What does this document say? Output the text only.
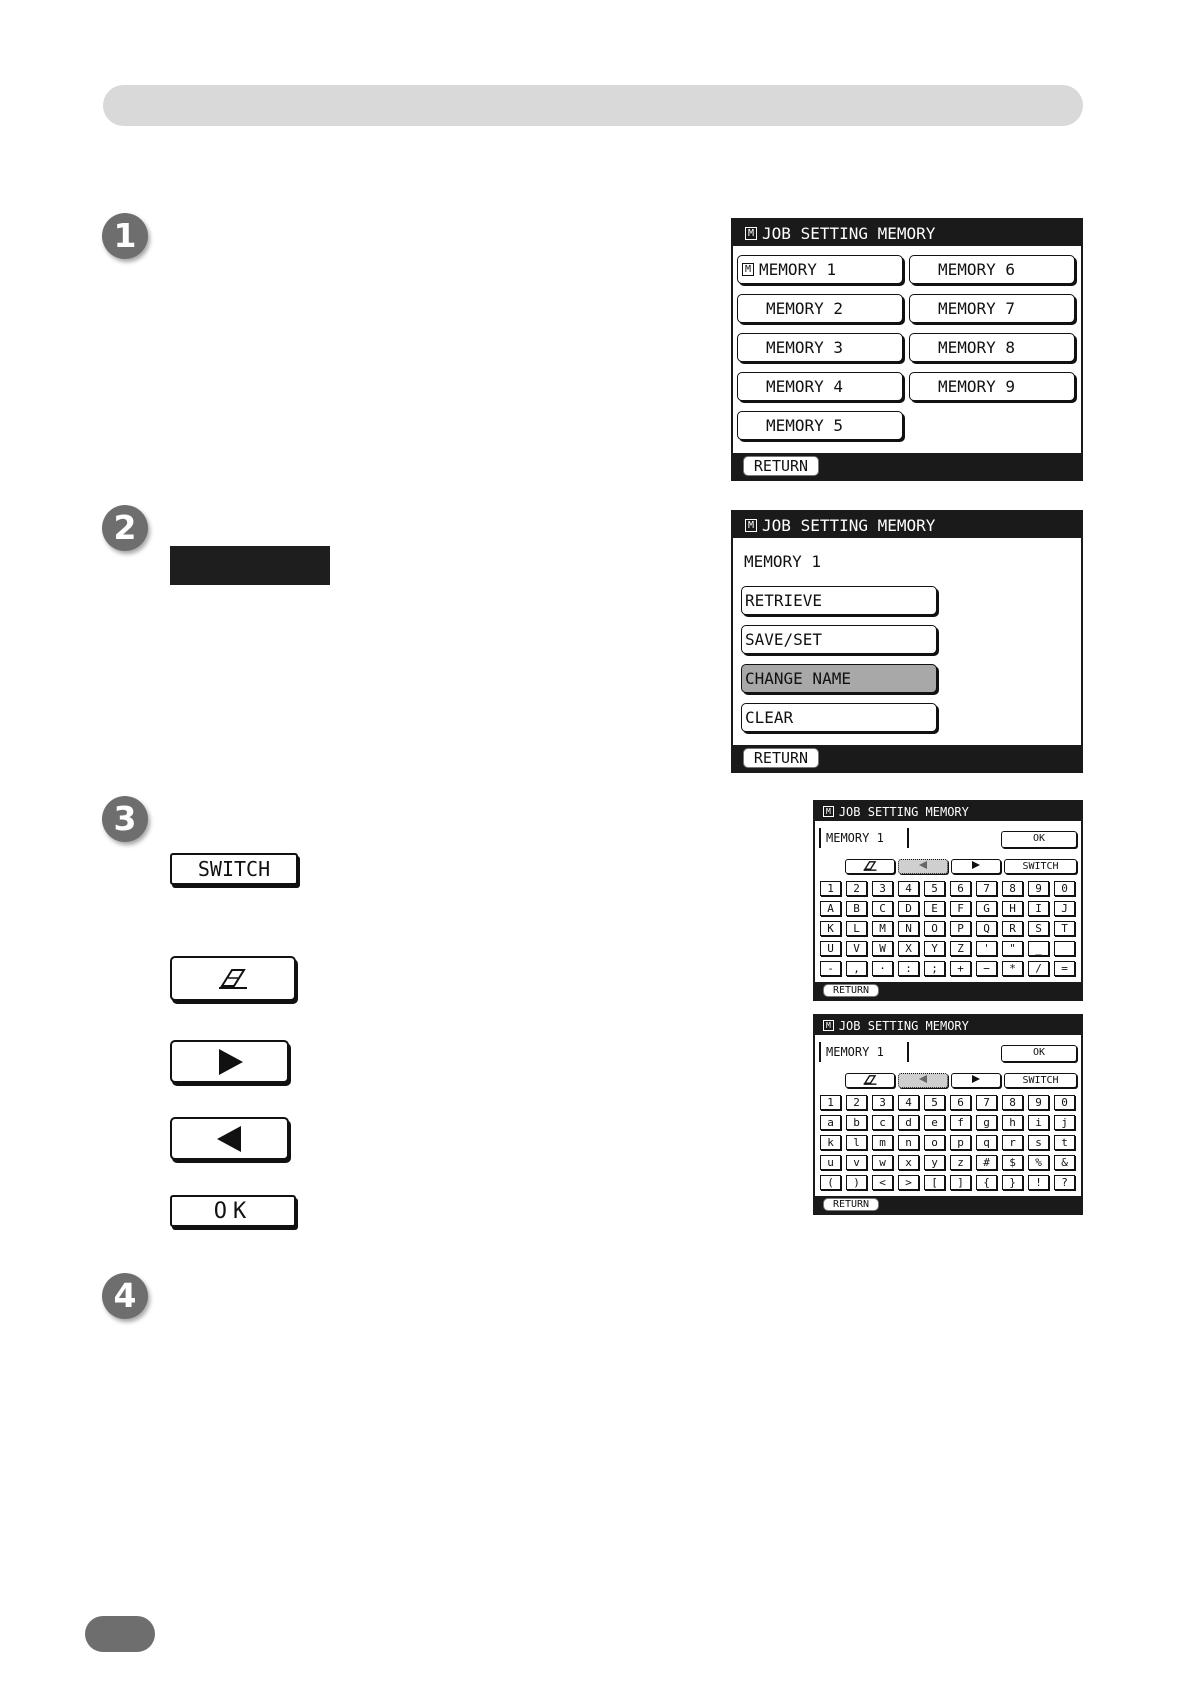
1
2
3
4
M JOB SETTING MEMORY
M MEMORY 1
MEMORY 2
MEMORY 3
MEMORY 4
MEMORY 5
MEMORY 6
MEMORY 7
MEMORY 8
MEMORY 9
RETURN
M JOB SETTING MEMORY
MEMORY 1
RETRIEVE
SAVE/SET
CHANGE NAME
CLEAR
RETURN
SWITCH
OK
M JOB SETTING MEMORY
MEMORY 1	OK
SWITCH
1	2	3	4	5	6	7	8	9	0
A	B	C	D	E	F	G	H	I	J
K	L	M	N	O	P	Q	R	S	T
U	V	W	X	Y	Z	'	"	_
-	,	·	:	;	+	−	*	/	=
RETURN
M JOB SETTING MEMORY
MEMORY 1	OK
SWITCH
1	2	3	4	5	6	7	8	9	0
a	b	c	d	e	f	g	h	i	j
k	l	m	n	o	p	q	r	s	t
u	v	w	x	y	z	#	$	%	&
(	)	<	>	[	]	{	}	!	?
RETURN
